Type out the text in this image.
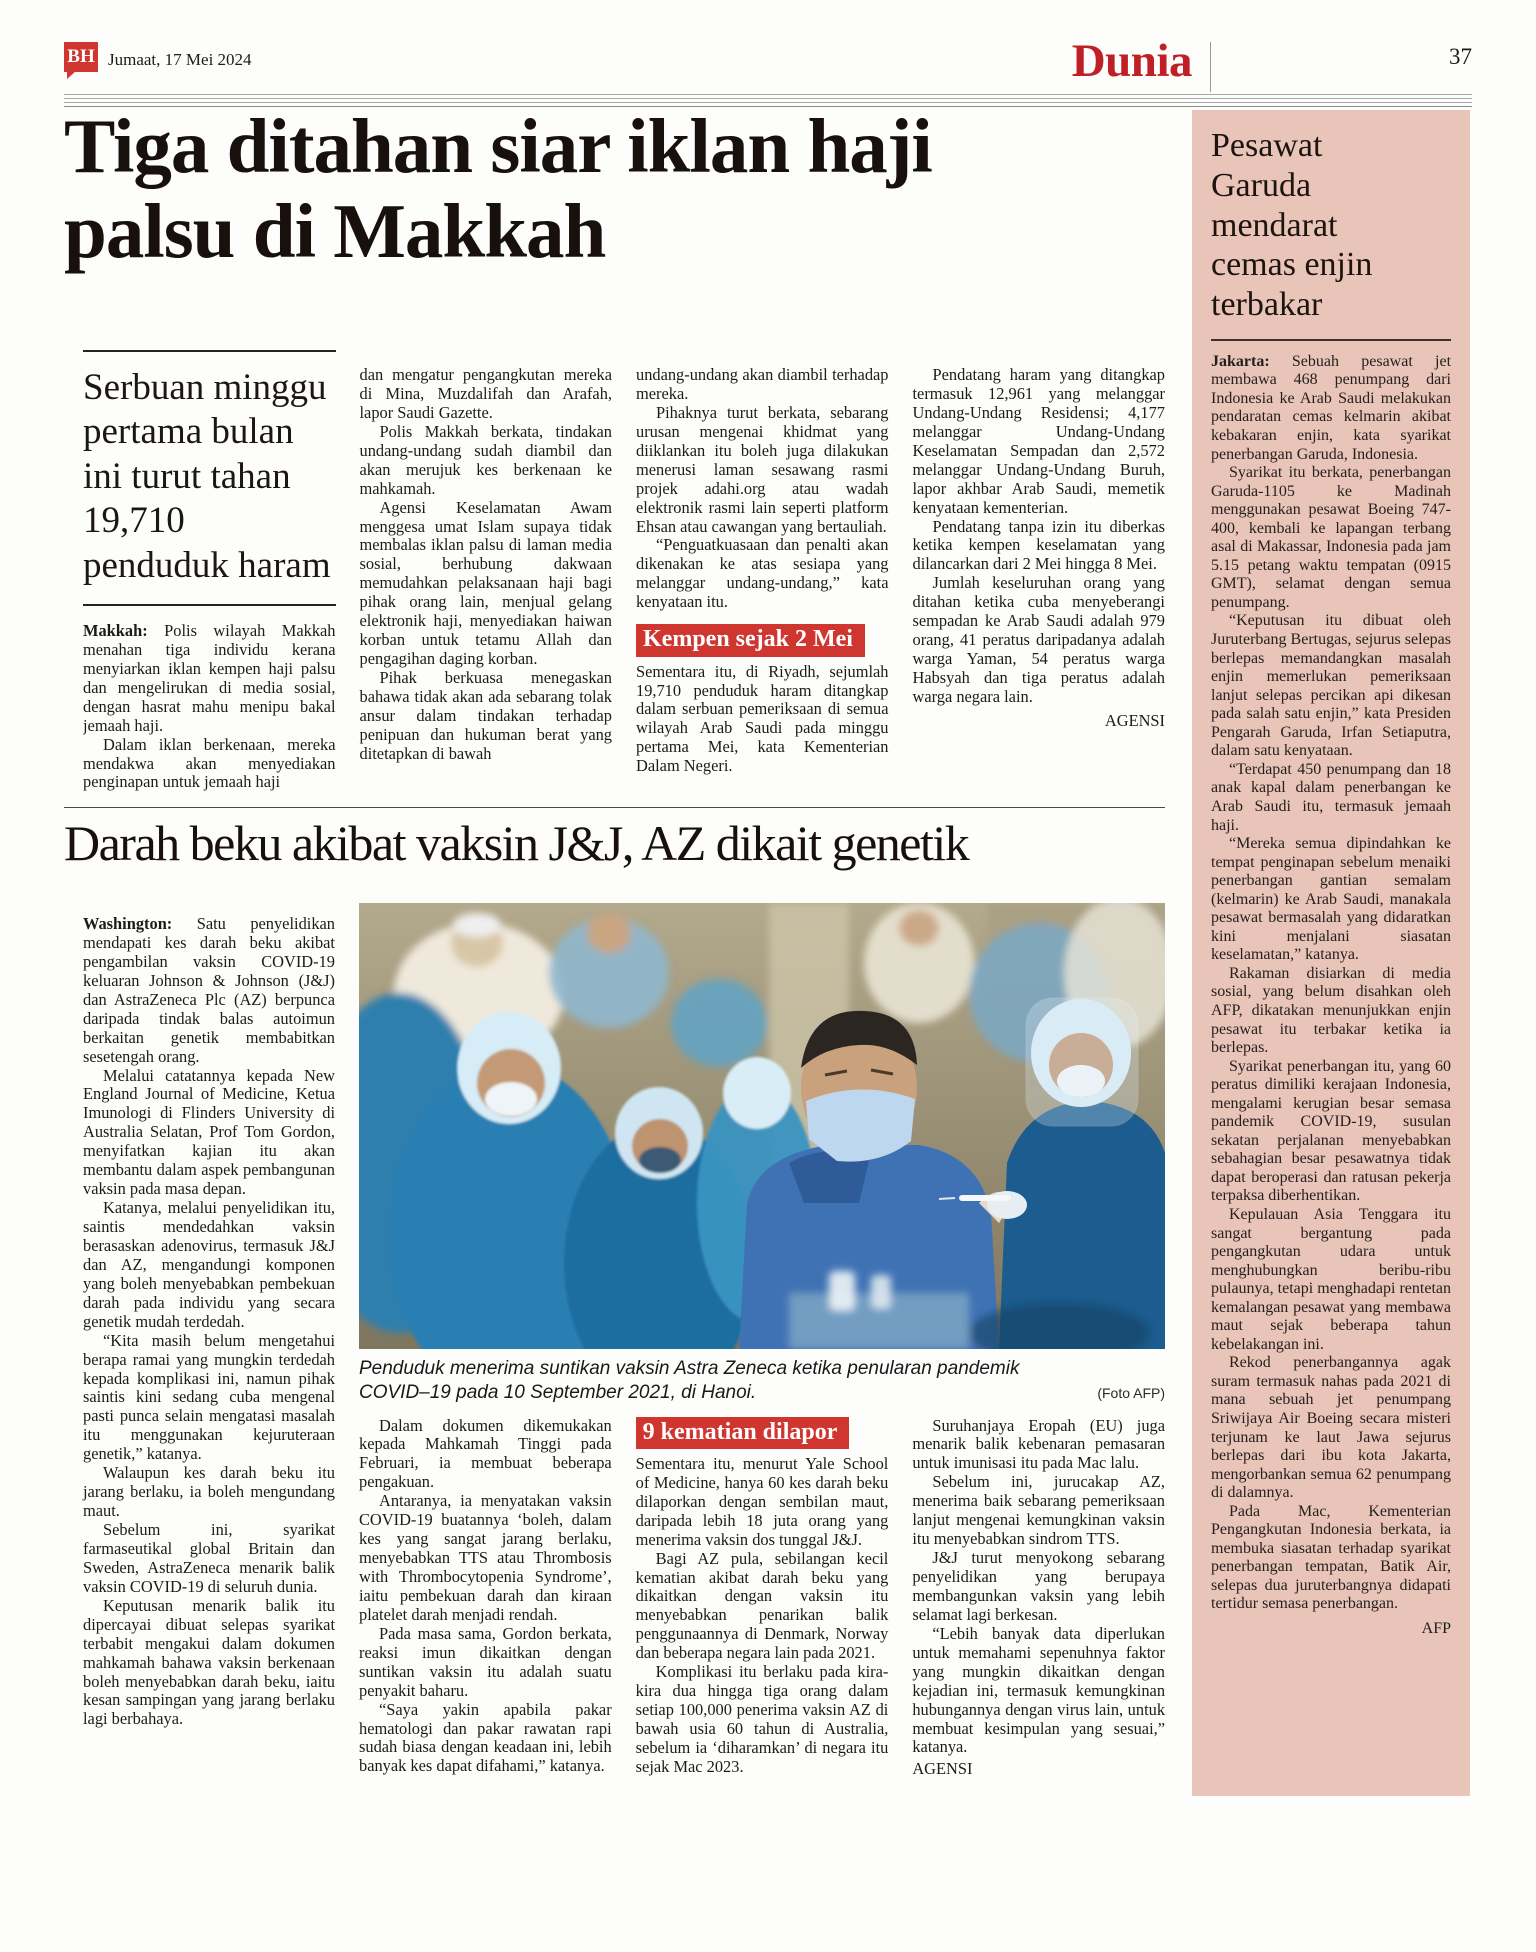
BH Jumaat, 17 Mei 2024	Dunia	37
Tiga ditahan siar iklan haji palsu di Makkah
Serbuan minggu pertama bulan ini turut tahan 19,710 penduduk haram

Makkah: Polis wilayah Makkah menahan tiga individu kerana menyiarkan iklan kempen haji palsu dan mengelirukan di media sosial, dengan hasrat mahu menipu bakal jemaah haji.

Dalam iklan berkenaan, mereka mendakwa akan menyediakan penginapan untuk jemaah haji

dan mengatur pengangkutan mereka di Mina, Muzdalifah dan Arafah, lapor Saudi Gazette.

Polis Makkah berkata, tindakan undang-undang sudah diambil dan akan merujuk kes berkenaan ke mahkamah.

Agensi Keselamatan Awam menggesa umat Islam supaya tidak membalas iklan palsu di laman media sosial, berhubung dakwaan memudahkan pelaksanaan haji bagi pihak orang lain, menjual gelang elektronik haji, menyediakan haiwan korban untuk tetamu Allah dan pengagihan daging korban.

Pihak berkuasa menegaskan bahawa tidak akan ada sebarang tolak ansur dalam tindakan terhadap penipuan dan hukuman berat yang ditetapkan di bawah

undang-undang akan diambil terhadap mereka.

Pihaknya turut berkata, sebarang urusan mengenai khidmat yang diiklankan itu boleh juga dilakukan menerusi laman sesawang rasmi projek adahi.org atau wadah elektronik rasmi lain seperti platform Ehsan atau cawangan yang bertauliah.

“Penguatkuasaan dan penalti akan dikenakan ke atas sesiapa yang melanggar undang-undang,” kata kenyataan itu.

Kempen sejak 2 Mei

Sementara itu, di Riyadh, sejumlah 19,710 penduduk haram ditangkap dalam serbuan pemeriksaan di semua wilayah Arab Saudi pada minggu pertama Mei, kata Kementerian Dalam Negeri.

Pendatang haram yang ditangkap termasuk 12,961 yang melanggar Undang-Undang Residensi; 4,177 melanggar Undang-Undang Keselamatan Sempadan dan 2,572 melanggar Undang-Undang Buruh, lapor akhbar Arab Saudi, memetik kenyataan kementerian.

Pendatang tanpa izin itu diberkas ketika kempen keselamatan yang dilancarkan dari 2 Mei hingga 8 Mei.

Jumlah keseluruhan orang yang ditahan ketika cuba menyeberangi sempadan ke Arab Saudi adalah 979 orang, 41 peratus daripadanya adalah warga Yaman, 54 peratus warga Habsyah dan tiga peratus adalah warga negara lain.

AGENSI

Darah beku akibat vaksin J&J, AZ dikait genetik

Washington: Satu penyelidikan mendapati kes darah beku akibat pengambilan vaksin COVID-19 keluaran Johnson & Johnson (J&J) dan AstraZeneca Plc (AZ) berpunca daripada tindak balas autoimun berkaitan genetik membabitkan sesetengah orang.

Melalui catatannya kepada New England Journal of Medicine, Ketua Imunologi di Flinders University di Australia Selatan, Prof Tom Gordon, menyifatkan kajian itu akan membantu dalam aspek pembangunan vaksin pada masa depan.

Katanya, melalui penyelidikan itu, saintis mendedahkan vaksin berasaskan adenovirus, termasuk J&J dan AZ, mengandungi komponen yang boleh menyebabkan pembekuan darah pada individu yang secara genetik mudah terdedah.

“Kita masih belum mengetahui berapa ramai yang mungkin terdedah kepada komplikasi ini, namun pihak saintis kini sedang cuba mengenal pasti punca selain mengatasi masalah itu menggunakan kejuruteraan genetik,” katanya.

Walaupun kes darah beku itu jarang berlaku, ia boleh mengundang maut.

Sebelum ini, syarikat farmaseutikal global Britain dan Sweden, AstraZeneca menarik balik vaksin COVID-19 di seluruh dunia.

Keputusan menarik balik itu dipercayai dibuat selepas syarikat terbabit mengakui dalam dokumen mahkamah bahawa vaksin berkenaan boleh menyebabkan darah beku, iaitu kesan sampingan yang jarang berlaku lagi berbahaya.

Penduduk menerima suntikan vaksin Astra Zeneca ketika penularan pandemik COVID–19 pada 10 September 2021, di Hanoi.	(Foto AFP)

Dalam dokumen dikemukakan kepada Mahkamah Tinggi pada Februari, ia membuat beberapa pengakuan.

Antaranya, ia menyatakan vaksin COVID-19 buatannya ‘boleh, dalam kes yang sangat jarang berlaku, menyebabkan TTS atau Thrombosis with Thrombocytopenia Syndrome’, iaitu pembekuan darah dan kiraan platelet darah menjadi rendah.

Pada masa sama, Gordon berkata, reaksi imun dikaitkan dengan suntikan vaksin itu adalah suatu penyakit baharu.

“Saya yakin apabila pakar hematologi dan pakar rawatan rapi sudah biasa dengan keadaan ini, lebih banyak kes dapat difahami,” katanya.

9 kematian dilapor

Sementara itu, menurut Yale School of Medicine, hanya 60 kes darah beku dilaporkan dengan sembilan maut, daripada lebih 18 juta orang yang menerima vaksin dos tunggal J&J.

Bagi AZ pula, sebilangan kecil kematian akibat darah beku yang dikaitkan dengan vaksin itu menyebabkan penarikan balik penggunaannya di Denmark, Norway dan beberapa negara lain pada 2021.

Komplikasi itu berlaku pada kira-kira dua hingga tiga orang dalam setiap 100,000 penerima vaksin AZ di bawah usia 60 tahun di Australia, sebelum ia ‘diharamkan’ di negara itu sejak Mac 2023.

Suruhanjaya Eropah (EU) juga menarik balik kebenaran pemasaran untuk imunisasi itu pada Mac lalu.

Sebelum ini, jurucakap AZ, menerima baik sebarang pemeriksaan lanjut mengenai kemungkinan vaksin itu menyebabkan sindrom TTS.

J&J turut menyokong sebarang penyelidikan yang berupaya membangunkan vaksin yang lebih selamat lagi berkesan.

“Lebih banyak data diperlukan untuk memahami sepenuhnya faktor yang mungkin dikaitkan dengan kejadian ini, termasuk kemungkinan hubungannya dengan virus lain, untuk membuat kesimpulan yang sesuai,” katanya.

AGENSI

Pesawat Garuda mendarat cemas enjin terbakar

Jakarta: Sebuah pesawat jet membawa 468 penumpang dari Indonesia ke Arab Saudi melakukan pendaratan cemas kelmarin akibat kebakaran enjin, kata syarikat penerbangan Garuda, Indonesia.

Syarikat itu berkata, penerbangan Garuda-1105 ke Madinah menggunakan pesawat Boeing 747-400, kembali ke lapangan terbang asal di Makassar, Indonesia pada jam 5.15 petang waktu tempatan (0915 GMT), selamat dengan semua penumpang.

“Keputusan itu dibuat oleh Juruterbang Bertugas, sejurus selepas berlepas memandangkan masalah enjin memerlukan pemeriksaan lanjut selepas percikan api dikesan pada salah satu enjin,” kata Presiden Pengarah Garuda, Irfan Setiaputra, dalam satu kenyataan.

“Terdapat 450 penumpang dan 18 anak kapal dalam penerbangan ke Arab Saudi itu, termasuk jemaah haji.

“Mereka semua dipindahkan ke tempat penginapan sebelum menaiki penerbangan gantian semalam (kelmarin) ke Arab Saudi, manakala pesawat bermasalah yang didaratkan kini menjalani siasatan keselamatan,” katanya.

Rakaman disiarkan di media sosial, yang belum disahkan oleh AFP, dikatakan menunjukkan enjin pesawat itu terbakar ketika ia berlepas.

Syarikat penerbangan itu, yang 60 peratus dimiliki kerajaan Indonesia, mengalami kerugian besar semasa pandemik COVID-19, susulan sekatan perjalanan menyebabkan sebahagian besar pesawatnya tidak dapat beroperasi dan ratusan pekerja terpaksa diberhentikan.

Kepulauan Asia Tenggara itu sangat bergantung pada pengangkutan udara untuk menghubungkan beribu-ribu pulaunya, tetapi menghadapi rentetan kemalangan pesawat yang membawa maut sejak beberapa tahun kebelakangan ini.

Rekod penerbangannya agak suram termasuk nahas pada 2021 di mana sebuah jet penumpang Sriwijaya Air Boeing secara misteri terjunam ke laut Jawa sejurus berlepas dari ibu kota Jakarta, mengorbankan semua 62 penumpang di dalamnya.

Pada Mac, Kementerian Pengangkutan Indonesia berkata, ia membuka siasatan terhadap syarikat penerbangan tempatan, Batik Air, selepas dua juruterbangnya didapati tertidur semasa penerbangan.

AFP
